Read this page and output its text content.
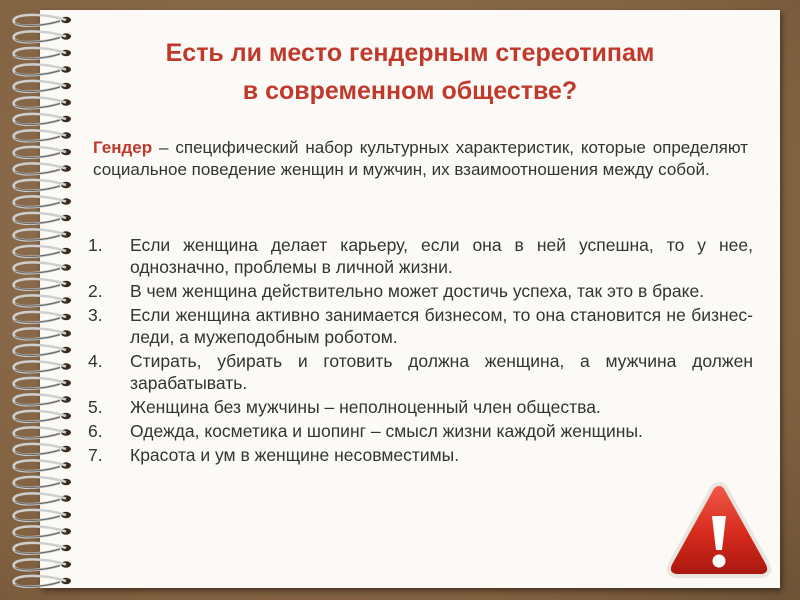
Есть ли место гендерным стереотипам
в современном обществе?

Гендер – специфический набор культурных характеристик, которые определяют социальное поведение женщин и мужчин, их взаимоотношения между собой.

1. Если женщина делает карьеру, если она в ней успешна, то у нее, однозначно, проблемы в личной жизни.
2. В чем женщина действительно может достичь успеха, так это в браке.
3. Если женщина активно занимается бизнесом, то она становится не бизнес-леди, а мужеподобным роботом.
4. Стирать, убирать и готовить должна женщина, а мужчина должен зарабатывать.
5. Женщина без мужчины – неполноценный член общества.
6. Одежда, косметика и шопинг – смысл жизни каждой женщины.
7. Красота и ум в женщине несовместимы.
